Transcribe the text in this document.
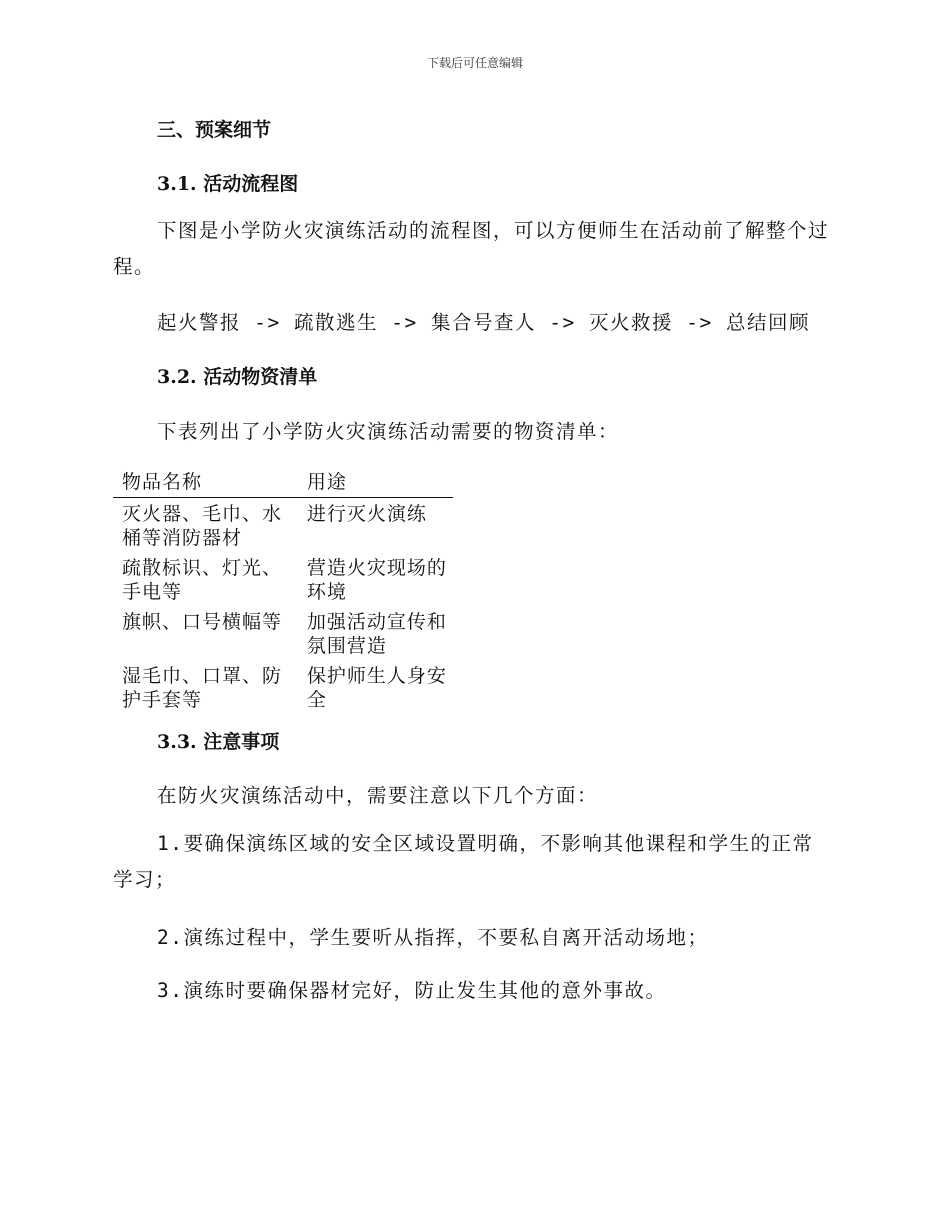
下载后可任意编辑
三、预案细节
3.1. 活动流程图
下图是小学防火灾演练活动的流程图，可以方便师生在活动前了解整个过程。
起火警报 -> 疏散逃生 -> 集合号查人 -> 灭火救援 -> 总结回顾
3.2. 活动物资清单
下表列出了小学防火灾演练活动需要的物资清单：
物品名称	用途
灭火器、毛巾、水桶等消防器材	进行灭火演练
疏散标识、灯光、手电等	营造火灾现场的环境
旗帜、口号横幅等	加强活动宣传和氛围营造
湿毛巾、口罩、防护手套等	保护师生人身安全
3.3. 注意事项
在防火灾演练活动中，需要注意以下几个方面：
1.要确保演练区域的安全区域设置明确，不影响其他课程和学生的正常学习；
2.演练过程中，学生要听从指挥，不要私自离开活动场地；
3.演练时要确保器材完好，防止发生其他的意外事故。
